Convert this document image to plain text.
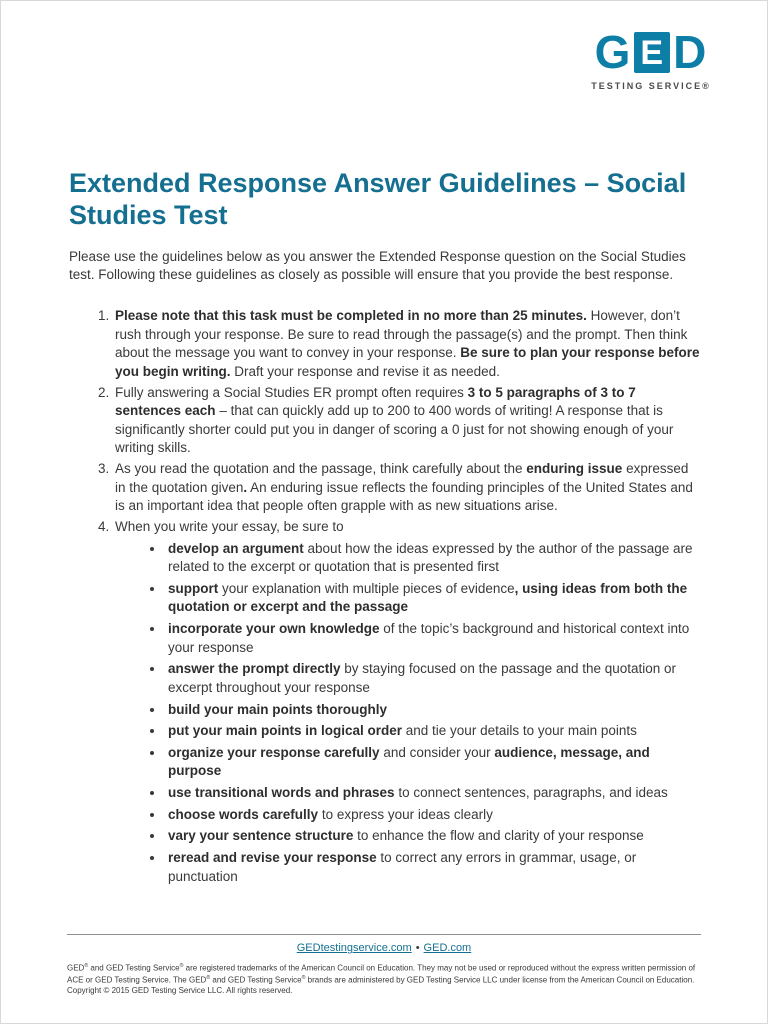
G E D
TESTING SERVICE®
Extended Response Answer Guidelines – Social Studies Test

Please use the guidelines below as you answer the Extended Response question on the Social Studies test. Following these guidelines as closely as possible will ensure that you provide the best response.

1. Please note that this task must be completed in no more than 25 minutes. However, don’t rush through your response. Be sure to read through the passage(s) and the prompt. Then think about the message you want to convey in your response. Be sure to plan your response before you begin writing. Draft your response and revise it as needed.
2. Fully answering a Social Studies ER prompt often requires 3 to 5 paragraphs of 3 to 7 sentences each – that can quickly add up to 200 to 400 words of writing! A response that is significantly shorter could put you in danger of scoring a 0 just for not showing enough of your writing skills.
3. As you read the quotation and the passage, think carefully about the enduring issue expressed in the quotation given. An enduring issue reflects the founding principles of the United States and is an important idea that people often grapple with as new situations arise.
4. When you write your essay, be sure to
• develop an argument about how the ideas expressed by the author of the passage are related to the excerpt or quotation that is presented first
• support your explanation with multiple pieces of evidence, using ideas from both the quotation or excerpt and the passage
• incorporate your own knowledge of the topic’s background and historical context into your response
• answer the prompt directly by staying focused on the passage and the quotation or excerpt throughout your response
• build your main points thoroughly
• put your main points in logical order and tie your details to your main points
• organize your response carefully and consider your audience, message, and purpose
• use transitional words and phrases to connect sentences, paragraphs, and ideas
• choose words carefully to express your ideas clearly
• vary your sentence structure to enhance the flow and clarity of your response
• reread and revise your response to correct any errors in grammar, usage, or punctuation
GEDtestingservice.com • GED.com

GED® and GED Testing Service® are registered trademarks of the American Council on Education. They may not be used or reproduced without the express written permission of ACE or GED Testing Service. The GED® and GED Testing Service® brands are administered by GED Testing Service LLC under license from the American Council on Education.

Copyright © 2015 GED Testing Service LLC. All rights reserved.
